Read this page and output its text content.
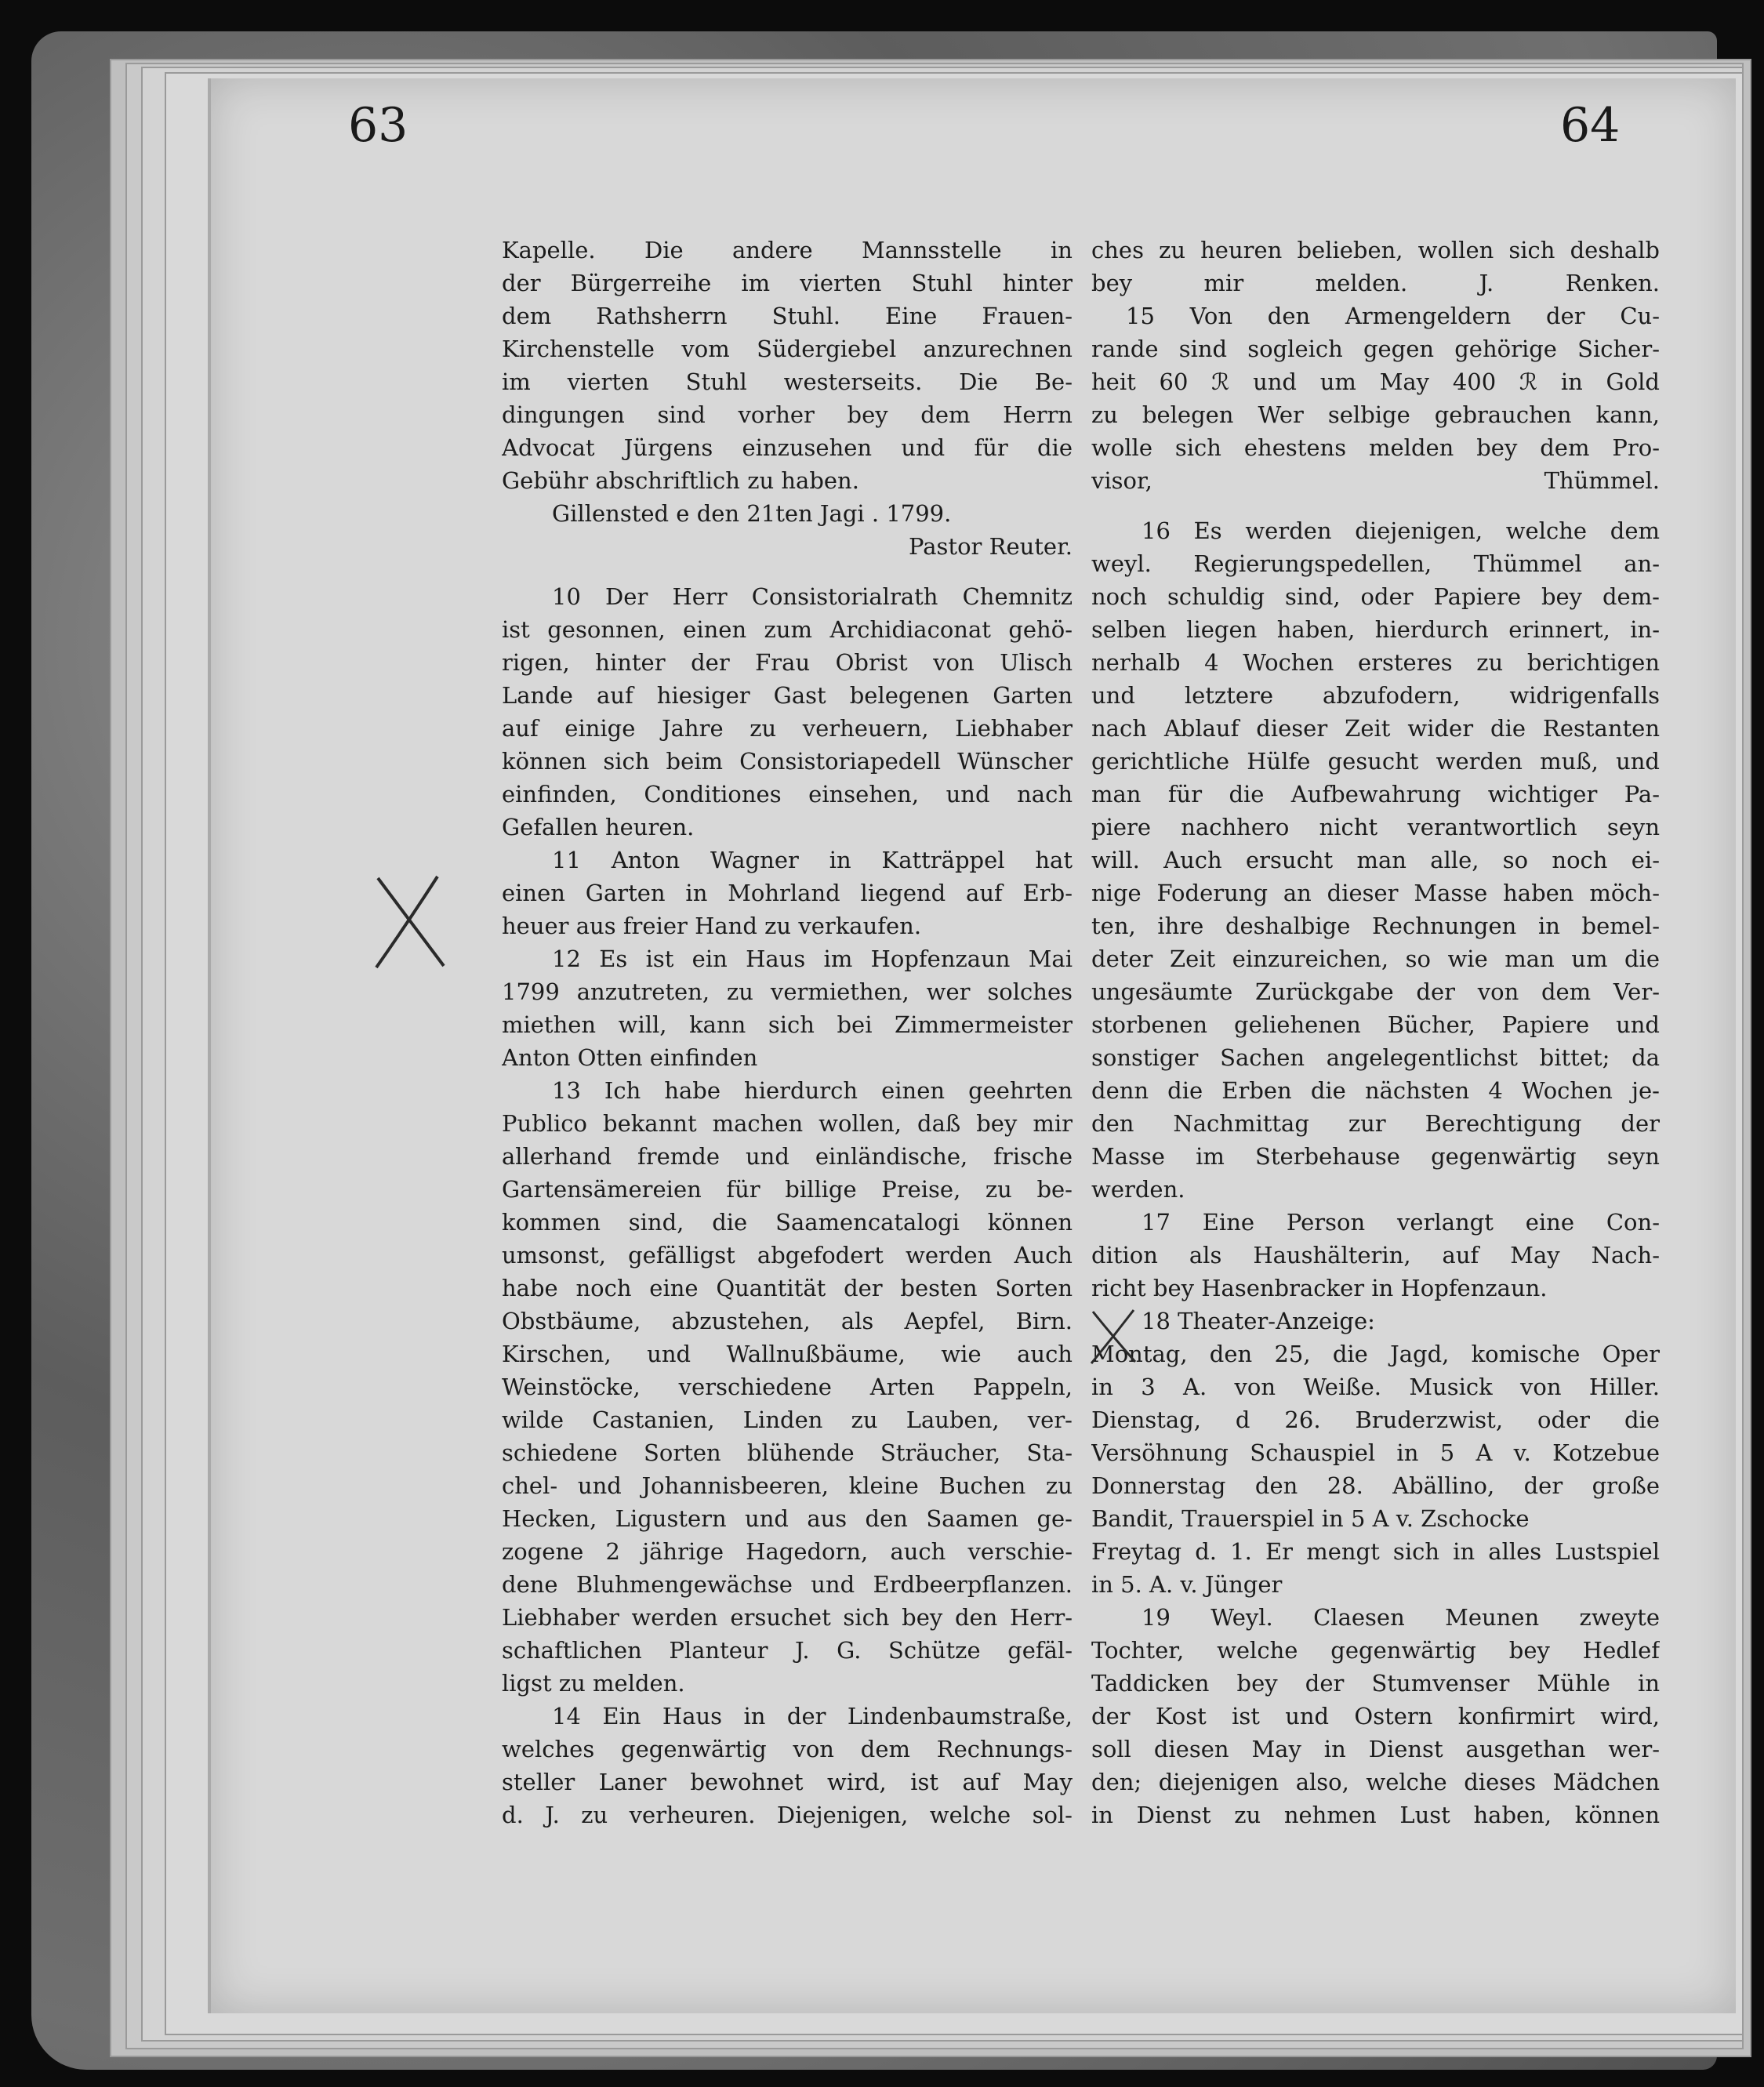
63	64
Kapelle. Die andere Mannsstelle in
der Bürgerreihe im vierten Stuhl hinter
dem Rathsherrn Stuhl. Eine Frauen-
Kirchenstelle vom Südergiebel anzurechnen
im vierten Stuhl westerseits. Die Be-
dingungen sind vorher bey dem Herrn
Advocat Jürgens einzusehen und für die
Gebühr abschriftlich zu haben.
Gillensted e den 21ten Jagi . 1799.
Pastor Reuter.
10 Der Herr Consistorialrath Chemnitz
ist gesonnen, einen zum Archidiaconat gehö-
rigen, hinter der Frau Obrist von Ulisch
Lande auf hiesiger Gast belegenen Garten
auf einige Jahre zu verheuern, Liebhaber
können sich beim Consistoriapedell Wünscher
einfinden, Conditiones einsehen, und nach
Gefallen heuren.
11 Anton Wagner in Katträppel hat
einen Garten in Mohrland liegend auf Erb-
heuer aus freier Hand zu verkaufen.
12 Es ist ein Haus im Hopfenzaun Mai
1799 anzutreten, zu vermiethen, wer solches
miethen will, kann sich bei Zimmermeister
Anton Otten einfinden
13 Ich habe hierdurch einen geehrten
Publico bekannt machen wollen, daß bey mir
allerhand fremde und einländische, frische
Gartensämereien für billige Preise, zu be-
kommen sind, die Saamencatalogi können
umsonst, gefälligst abgefodert werden Auch
habe noch eine Quantität der besten Sorten
Obstbäume, abzustehen, als Aepfel, Birn.
Kirschen, und Wallnußbäume, wie auch
Weinstöcke, verschiedene Arten Pappeln,
wilde Castanien, Linden zu Lauben, ver-
schiedene Sorten blühende Sträucher, Sta-
chel- und Johannisbeeren, kleine Buchen zu
Hecken, Ligustern und aus den Saamen ge-
zogene 2 jährige Hagedorn, auch verschie-
dene Bluhmengewächse und Erdbeerpflanzen.
Liebhaber werden ersuchet sich bey den Herr-
schaftlichen Planteur J. G. Schütze gefäl-
ligst zu melden.
14 Ein Haus in der Lindenbaumstraße,
welches gegenwärtig von dem Rechnungs-
steller Laner bewohnet wird, ist auf May
d. J. zu verheuren. Diejenigen, welche sol-
ches zu heuren belieben, wollen sich deshalb
bey mir melden. J. Renken.
15 Von den Armengeldern der Cu-
rande sind sogleich gegen gehörige Sicher-
heit 60 ℛ und um May 400 ℛ in Gold
zu belegen Wer selbige gebrauchen kann,
wolle sich ehestens melden bey dem Pro-
visor, Thümmel.
16 Es werden diejenigen, welche dem
weyl. Regierungspedellen, Thümmel an-
noch schuldig sind, oder Papiere bey dem-
selben liegen haben, hierdurch erinnert, in-
nerhalb 4 Wochen ersteres zu berichtigen
und letztere abzufodern, widrigenfalls
nach Ablauf dieser Zeit wider die Restanten
gerichtliche Hülfe gesucht werden muß, und
man für die Aufbewahrung wichtiger Pa-
piere nachhero nicht verantwortlich seyn
will. Auch ersucht man alle, so noch ei-
nige Foderung an dieser Masse haben möch-
ten, ihre deshalbige Rechnungen in bemel-
deter Zeit einzureichen, so wie man um die
ungesäumte Zurückgabe der von dem Ver-
storbenen geliehenen Bücher, Papiere und
sonstiger Sachen angelegentlichst bittet; da
denn die Erben die nächsten 4 Wochen je-
den Nachmittag zur Berechtigung der
Masse im Sterbehause gegenwärtig seyn
werden.
17 Eine Person verlangt eine Con-
dition als Haushälterin, auf May Nach-
richt bey Hasenbracker in Hopfenzaun.
18 Theater-Anzeige:
Montag, den 25, die Jagd, komische Oper
in 3 A. von Weiße. Musick von Hiller.
Dienstag, d 26. Bruderzwist, oder die
Versöhnung Schauspiel in 5 A v. Kotzebue
Donnerstag den 28. Abällino, der große
Bandit, Trauerspiel in 5 A v. Zschocke
Freytag d. 1. Er mengt sich in alles Lustspiel
in 5. A. v. Jünger
19 Weyl. Claesen Meunen zweyte
Tochter, welche gegenwärtig bey Hedlef
Taddicken bey der Stumvenser Mühle in
der Kost ist und Ostern konfirmirt wird,
soll diesen May in Dienst ausgethan wer-
den; diejenigen also, welche dieses Mädchen
in Dienst zu nehmen Lust haben, können
